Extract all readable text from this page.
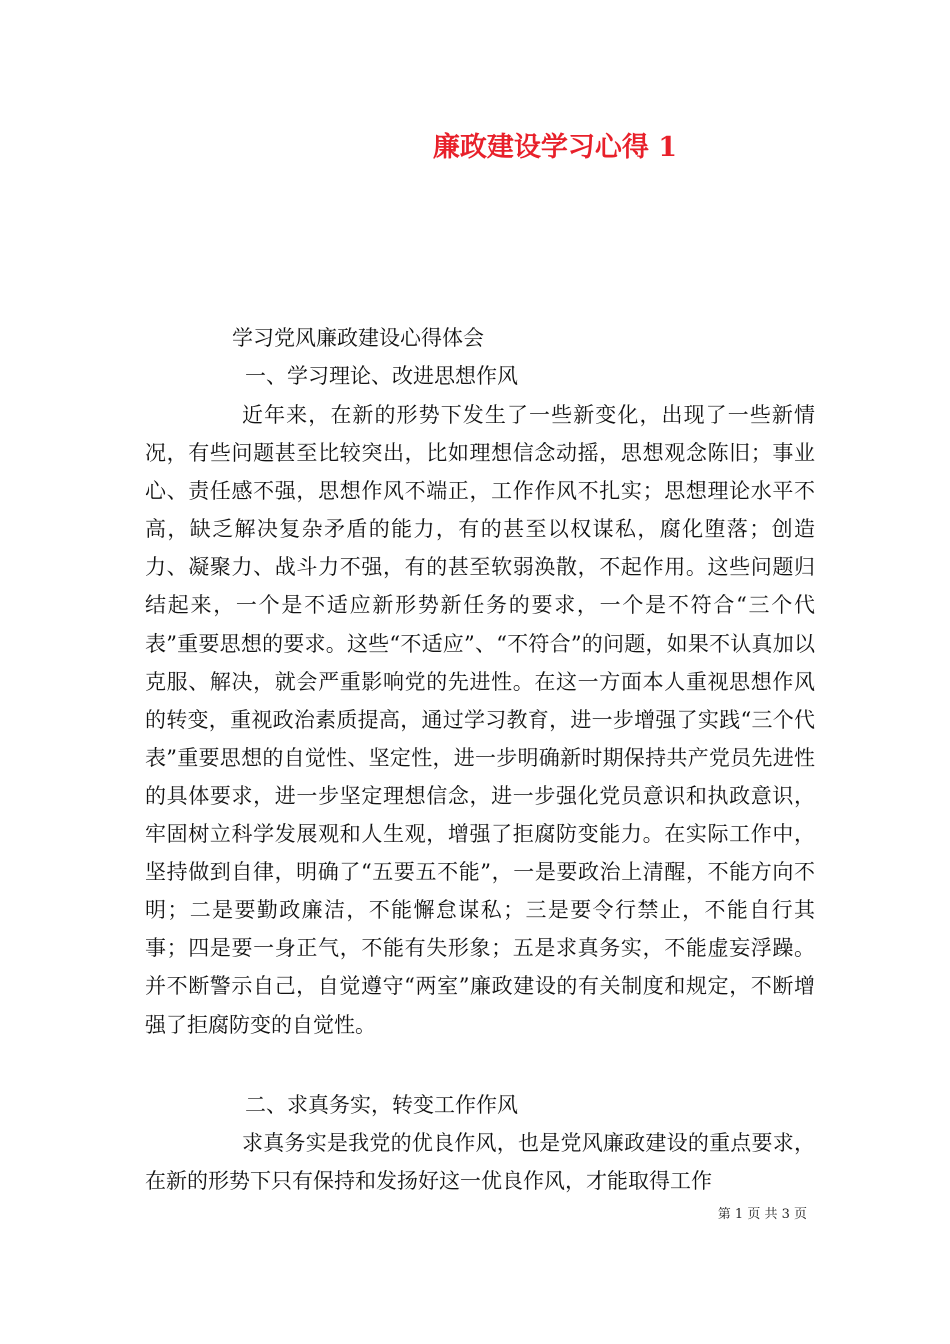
廉政建设学习心得 1
学习党风廉政建设心得体会
一、学习理论、改进思想作风

近年来，在新的形势下发生了一些新变化，出现了一些新情况，有些问题甚至比较突出，比如理想信念动摇，思想观念陈旧；事业心、责任感不强，思想作风不端正，工作作风不扎实；思想理论水平不高，缺乏解决复杂矛盾的能力，有的甚至以权谋私，腐化堕落；创造力、凝聚力、战斗力不强，有的甚至软弱涣散，不起作用。这些问题归结起来，一个是不适应新形势新任务的要求，一个是不符合“三个代表”重要思想的要求。这些“不适应”、“不符合”的问题，如果不认真加以克服、解决，就会严重影响党的先进性。在这一方面本人重视思想作风的转变，重视政治素质提高，通过学习教育，进一步增强了实践“三个代表”重要思想的自觉性、坚定性，进一步明确新时期保持共产党员先进性的具体要求，进一步坚定理想信念，进一步强化党员意识和执政意识，牢固树立科学发展观和人生观，增强了拒腐防变能力。在实际工作中，坚持做到自律，明确了“五要五不能”，一是要政治上清醒，不能方向不明；二是要勤政廉洁，不能懈怠谋私；三是要令行禁止，不能自行其事；四是要一身正气，不能有失形象；五是求真务实，不能虚妄浮躁。并不断警示自己，自觉遵守“两室”廉政建设的有关制度和规定，不断增强了拒腐防变的自觉性。

二、求真务实，转变工作作风

求真务实是我党的优良作风，也是党风廉政建设的重点要求，在新的形势下只有保持和发扬好这一优良作风，才能取得工作

第 1 页 共 3 页
